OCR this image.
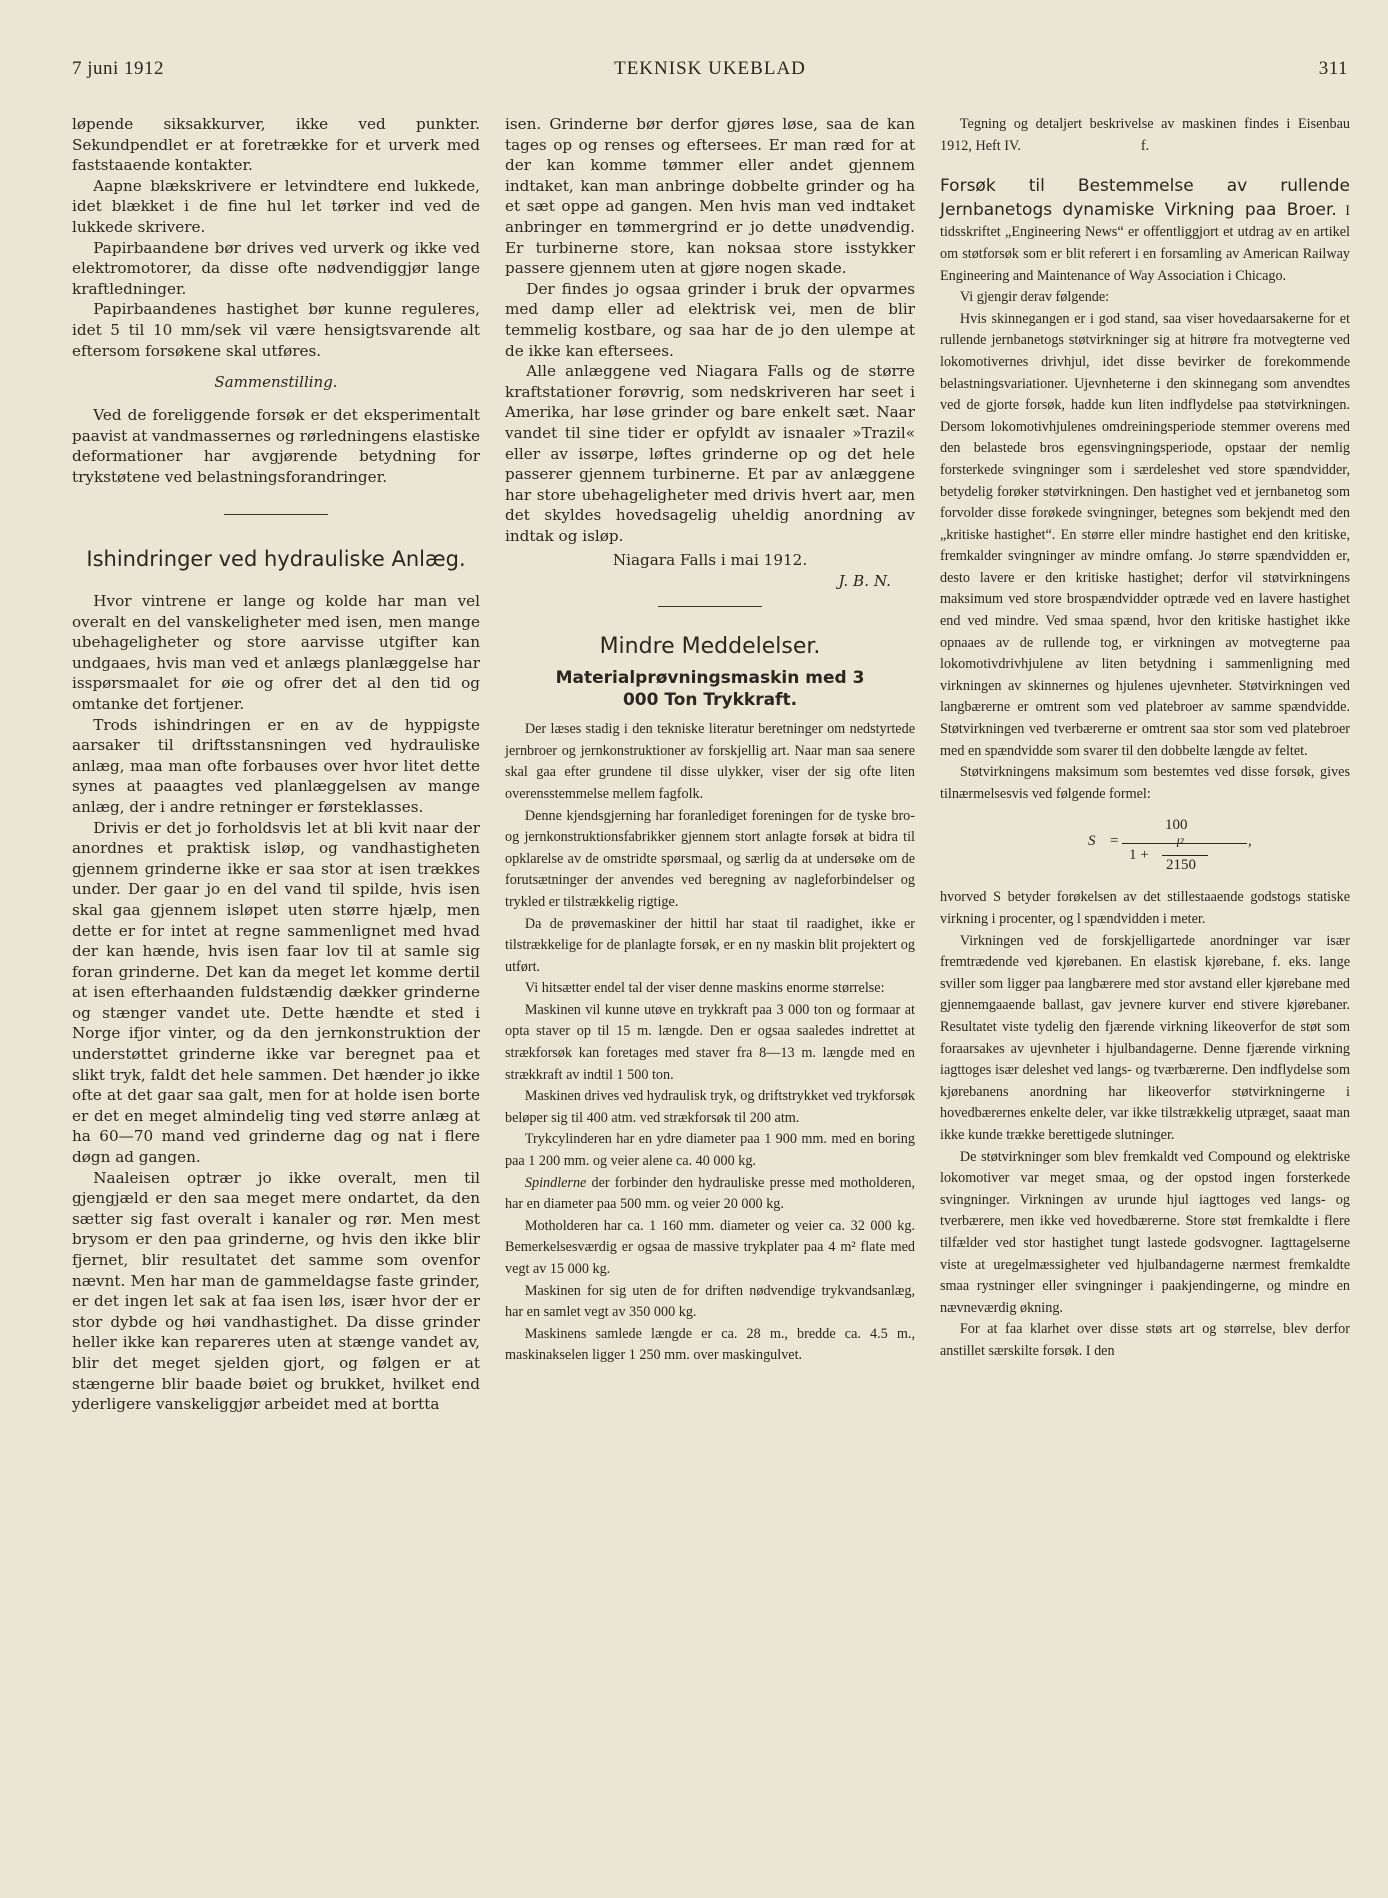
7 juni 1912	TEKNISK UKEBLAD	311

løpende siksakkurver, ikke ved punkter. Sekundpendlet er at foretrække for et urverk med faststaaende kontakter.

Aapne blækskrivere er letvindtere end lukkede, idet blækket i de fine hul let tørker ind ved de lukkede skrivere.

Papirbaandene bør drives ved urverk og ikke ved elektromotorer, da disse ofte nødvendiggjør lange kraftledninger.

Papirbaandenes hastighet bør kunne reguleres, idet 5 til 10 mm/sek vil være hensigtsvarende alt eftersom forsøkene skal utføres.

Sammenstilling.

Ved de foreliggende forsøk er det eksperimentalt paavist at vandmassernes og rørledningens elastiske deformationer har avgjørende betydning for trykstøtene ved belastningsforandringer.

Ishindringer ved hydrauliske Anlæg.

Hvor vintrene er lange og kolde har man vel overalt en del vanskeligheter med isen, men mange ubehageligheter og store aarvisse utgifter kan undgaaes, hvis man ved et anlægs planlæggelse har isspørsmaalet for øie og ofrer det al den tid og omtanke det fortjener.

Trods ishindringen er en av de hyppigste aarsaker til driftsstansningen ved hydrauliske anlæg, maa man ofte forbauses over hvor litet dette synes at paaagtes ved planlæggelsen av mange anlæg, der i andre retninger er førsteklasses.

Drivis er det jo forholdsvis let at bli kvit naar der anordnes et praktisk isløp, og vandhastigheten gjennem grinderne ikke er saa stor at isen trækkes under. Der gaar jo en del vand til spilde, hvis isen skal gaa gjennem isløpet uten større hjælp, men dette er for intet at regne sammenlignet med hvad der kan hænde, hvis isen faar lov til at samle sig foran grinderne. Det kan da meget let komme dertil at isen efterhaanden fuldstændig dækker grinderne og stænger vandet ute. Dette hændte et sted i Norge ifjor vinter, og da den jernkonstruktion der understøttet grinderne ikke var beregnet paa et slikt tryk, faldt det hele sammen. Det hænder jo ikke ofte at det gaar saa galt, men for at holde isen borte er det en meget almindelig ting ved større anlæg at ha 60—70 mand ved grinderne dag og nat i flere døgn ad gangen.

Naaleisen optrær jo ikke overalt, men til gjengjæld er den saa meget mere ondartet, da den sætter sig fast overalt i kanaler og rør. Men mest brysom er den paa grinderne, og hvis den ikke blir fjernet, blir resultatet det samme som ovenfor nævnt. Men har man de gammeldagse faste grinder, er det ingen let sak at faa isen løs, især hvor der er stor dybde og høi vandhastighet. Da disse grinder heller ikke kan repareres uten at stænge vandet av, blir det meget sjelden gjort, og følgen er at stængerne blir baade bøiet og brukket, hvilket end yderligere vanskeliggjør arbeidet med at bortta

isen. Grinderne bør derfor gjøres løse, saa de kan tages op og renses og eftersees. Er man ræd for at der kan komme tømmer eller andet gjennem indtaket, kan man anbringe dobbelte grinder og ha et sæt oppe ad gangen. Men hvis man ved indtaket anbringer en tømmergrind er jo dette unødvendig. Er turbinerne store, kan noksaa store isstykker passere gjennem uten at gjøre nogen skade.

Der findes jo ogsaa grinder i bruk der opvarmes med damp eller ad elektrisk vei, men de blir temmelig kostbare, og saa har de jo den ulempe at de ikke kan eftersees.

Alle anlæggene ved Niagara Falls og de større kraftstationer forøvrig, som nedskriveren har seet i Amerika, har løse grinder og bare enkelt sæt. Naar vandet til sine tider er opfyldt av isnaaler »Trazil« eller av issørpe, løftes grinderne op og det hele passerer gjennem turbinerne. Et par av anlæggene har store ubehageligheter med drivis hvert aar, men det skyldes hovedsagelig uheldig anordning av indtak og isløp.

Niagara Falls i mai 1912.

J. B. N.

Mindre Meddelelser.
Materialprøvningsmaskin med 3 000 Ton Trykkraft.

Der læses stadig i den tekniske literatur beretninger om nedstyrtede jernbroer og jernkonstruktioner av forskjellig art. Naar man saa senere skal gaa efter grundene til disse ulykker, viser der sig ofte liten overensstemmelse mellem fagfolk.

Denne kjendsgjerning har foranlediget foreningen for de tyske bro- og jernkonstruktionsfabrikker gjennem stort anlagte forsøk at bidra til opklarelse av de omstridte spørsmaal, og særlig da at undersøke om de forutsætninger der anvendes ved beregning av nagleforbindelser og trykled er tilstrækkelig rigtige.

Da de prøvemaskiner der hittil har staat til raadighet, ikke er tilstrækkelige for de planlagte forsøk, er en ny maskin blit projektert og utført.

Vi hitsætter endel tal der viser denne maskins enorme størrelse:

Maskinen vil kunne utøve en trykkraft paa 3 000 ton og formaar at opta staver op til 15 m. længde. Den er ogsaa saaledes indrettet at strækforsøk kan foretages med staver fra 8—13 m. længde med en strækkraft av indtil 1 500 ton.

Maskinen drives ved hydraulisk tryk, og driftstrykket ved trykforsøk beløper sig til 400 atm. ved strækforsøk til 200 atm.

Trykcylinderen har en ydre diameter paa 1 900 mm. med en boring paa 1 200 mm. og veier alene ca. 40 000 kg.

Spindlerne der forbinder den hydrauliske presse med motholderen, har en diameter paa 500 mm. og veier 20 000 kg.

Motholderen har ca. 1 160 mm. diameter og veier ca. 32 000 kg. Bemerkelsesværdig er ogsaa de massive trykplater paa 4 m² flate med vegt av 15 000 kg.

Maskinen for sig uten de for driften nødvendige trykvandsanlæg, har en samlet vegt av 350 000 kg.

Maskinens samlede længde er ca. 28 m., bredde ca. 4.5 m., maskinakselen ligger 1 250 mm. over maskingulvet.

Tegning og detaljert beskrivelse av maskinen findes i Eisenbau 1912, Heft IV.	f.

Forsøk til Bestemmelse av rullende Jernbanetogs dynamiske Virkning paa Broer. I tidsskriftet „Engineering News“ er offentliggjort et utdrag av en artikel om støtforsøk som er blit referert i en forsamling av American Railway Engineering and Maintenance of Way Association i Chicago.

Vi gjengir derav følgende:

Hvis skinnegangen er i god stand, saa viser hovedaarsakerne for et rullende jernbanetogs støtvirkninger sig at hitrøre fra motvegterne ved lokomotivernes drivhjul, idet disse bevirker de forekommende belastningsvariationer. Ujevnheterne i den skinnegang som anvendtes ved de gjorte forsøk, hadde kun liten indflydelse paa støtvirkningen. Dersom lokomotivhjulenes omdreiningsperiode stemmer overens med den belastede bros egensvingningsperiode, opstaar der nemlig forsterkede svingninger som i særdeleshet ved store spændvidder, betydelig forøker støtvirkningen. Den hastighet ved et jernbanetog som forvolder disse forøkede svingninger, betegnes som bekjendt med den „kritiske hastighet“. En større eller mindre hastighet end den kritiske, fremkalder svingninger av mindre omfang. Jo større spændvidden er, desto lavere er den kritiske hastighet; derfor vil støtvirkningens maksimum ved store brospændvidder optræde ved en lavere hastighet end ved mindre. Ved smaa spænd, hvor den kritiske hastighet ikke opnaaes av de rullende tog, er virkningen av motvegterne paa lokomotivdrivhjulene av liten betydning i sammenligning med virkningen av skinnernes og hjulenes ujevnheter. Støtvirkningen ved langbærerne er omtrent som ved platebroer av samme spændvidde. Støtvirkningen ved tverbærerne er omtrent saa stor som ved platebroer med en spændvidde som svarer til den dobbelte længde av feltet.

Støtvirkningens maksimum som bestemtes ved disse forsøk, gives tilnærmelsesvis ved følgende formel:

S =
100
1 +
l²
2150
,

hvorved S betyder forøkelsen av det stillestaaende godstogs statiske virkning i procenter, og l spændvidden i meter.

Virkningen ved de forskjelligartede anordninger var især fremtrædende ved kjørebanen. En elastisk kjørebane, f. eks. lange sviller som ligger paa langbærere med stor avstand eller kjørebane med gjennemgaaende ballast, gav jevnere kurver end stivere kjørebaner. Resultatet viste tydelig den fjærende virkning likeoverfor de støt som foraarsakes av ujevnheter i hjulbandagerne. Denne fjærende virkning iagttoges især deleshet ved langs- og tværbærerne. Den indflydelse som kjørebanens anordning har likeoverfor støtvirkningerne i hovedbærernes enkelte deler, var ikke tilstrækkelig utpræget, saaat man ikke kunde trække berettigede slutninger.

De støtvirkninger som blev fremkaldt ved Compound og elektriske lokomotiver var meget smaa, og der opstod ingen forsterkede svingninger. Virkningen av urunde hjul iagttoges ved langs- og tverbærere, men ikke ved hovedbærerne. Store støt fremkaldte i flere tilfælder ved stor hastighet tungt lastede godsvogner. Iagttagelserne viste at uregelmæssigheter ved hjulbandagerne nærmest fremkaldte smaa rystninger eller svingninger i paakjendingerne, og mindre en nævneværdig økning.

For at faa klarhet over disse støts art og størrelse, blev derfor anstillet særskilte forsøk. I den
